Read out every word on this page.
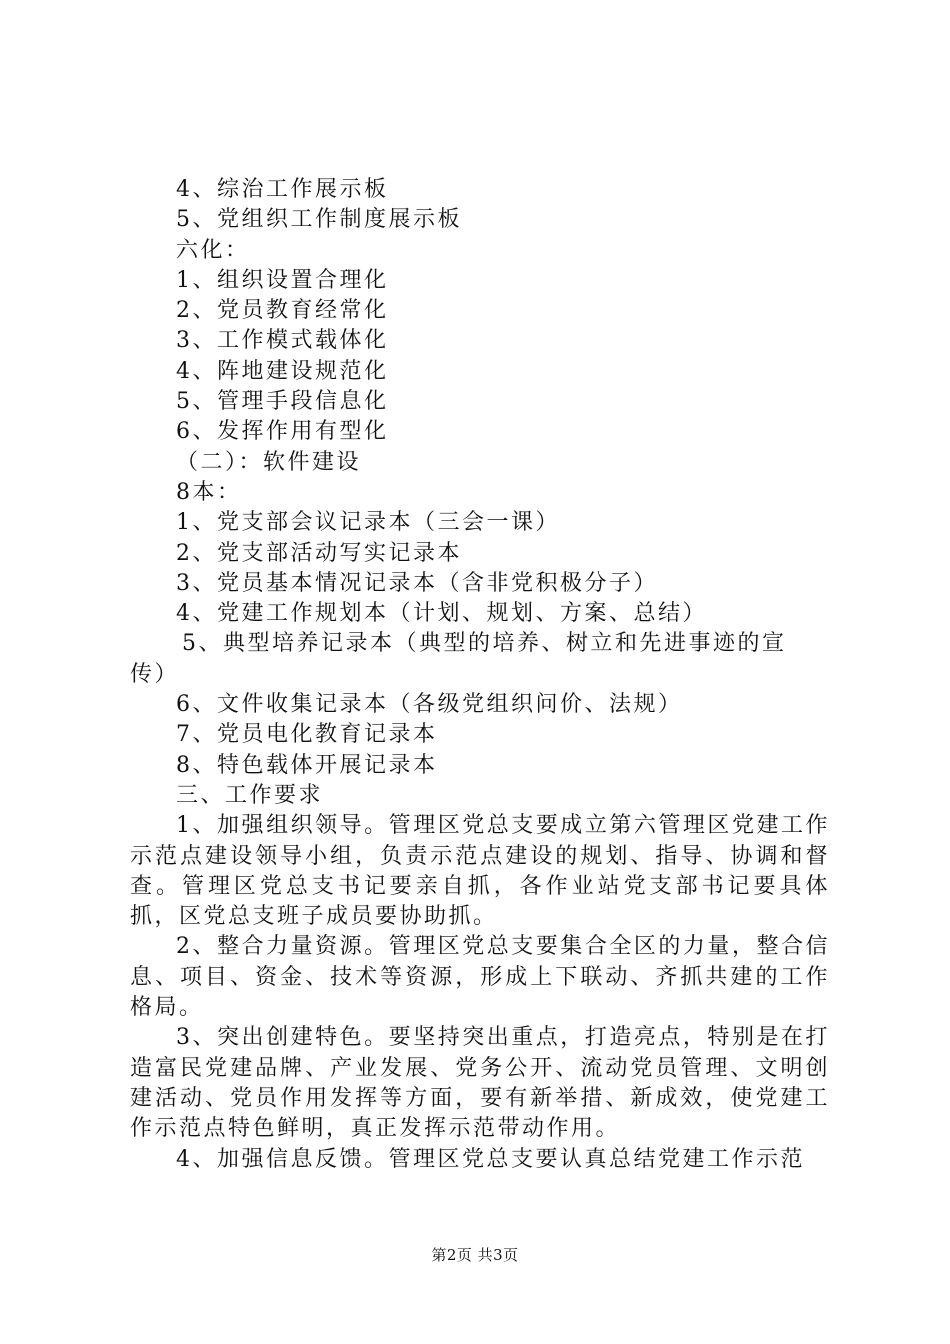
4、综治工作展示板

5、党组织工作制度展示板

六化：

1、组织设置合理化

2、党员教育经常化

3、工作模式载体化

4、阵地建设规范化

5、管理手段信息化

6、发挥作用有型化

（二）：软件建设

8本：

1、党支部会议记录本（三会一课）

2、党支部活动写实记录本

3、党员基本情况记录本（含非党积极分子）

4、党建工作规划本（计划、规划、方案、总结）

5、典型培养记录本（典型的培养、树立和先进事迹的宣

传）

6、文件收集记录本（各级党组织问价、法规）

7、党员电化教育记录本

8、特色载体开展记录本

三、工作要求

1、加强组织领导。管理区党总支要成立第六管理区党建工作示范点建设领导小组，负责示范点建设的规划、指导、协调和督查。管理区党总支书记要亲自抓，各作业站党支部书记要具体抓，区党总支班子成员要协助抓。

2、整合力量资源。管理区党总支要集合全区的力量，整合信息、项目、资金、技术等资源，形成上下联动、齐抓共建的工作格局。

3、突出创建特色。要坚持突出重点，打造亮点，特别是在打造富民党建品牌、产业发展、党务公开、流动党员管理、文明创建活动、党员作用发挥等方面，要有新举措、新成效，使党建工作示范点特色鲜明，真正发挥示范带动作用。

4、加强信息反馈。管理区党总支要认真总结党建工作示范

第2页 共3页
